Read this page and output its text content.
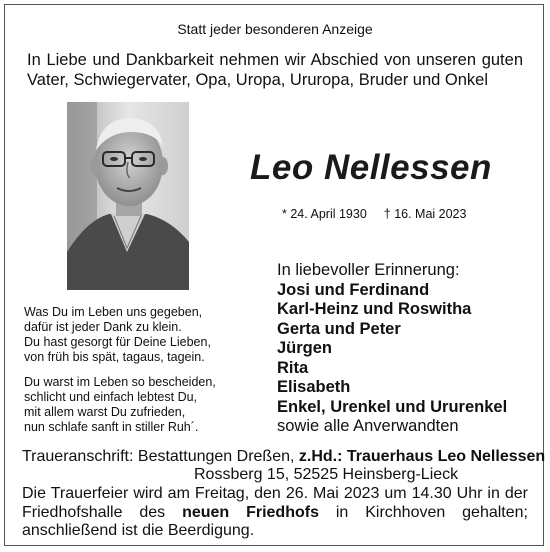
Statt jeder besonderen Anzeige
In Liebe und Dankbarkeit nehmen wir Abschied von unseren guten Vater, Schwiegervater, Opa, Uropa, Ururopa, Bruder und Onkel
Leo Nellessen
* 24. April 1930 † 16. Mai 2023
Was Du im Leben uns gegeben,
dafür ist jeder Dank zu klein.
Du hast gesorgt für Deine Lieben,
von früh bis spät, tagaus, tagein.
Du warst im Leben so bescheiden,
schlicht und einfach lebtest Du,
mit allem warst Du zufrieden,
nun schlafe sanft in stiller Ruh´.
In liebevoller Erinnerung:
Josi und Ferdinand
Karl-Heinz und Roswitha
Gerta und Peter
Jürgen
Rita
Elisabeth
Enkel, Urenkel und Ururenkel
sowie alle Anverwandten
Traueranschrift: Bestattungen Dreßen, z.Hd.: Trauerhaus Leo Nellessen
Rossberg 15, 52525 Heinsberg-Lieck
Die Trauerfeier wird am Freitag, den 26. Mai 2023 um 14.30 Uhr in der Friedhofshalle des neuen Friedhofs in Kirchhoven gehalten; anschließend ist die Beerdigung.
